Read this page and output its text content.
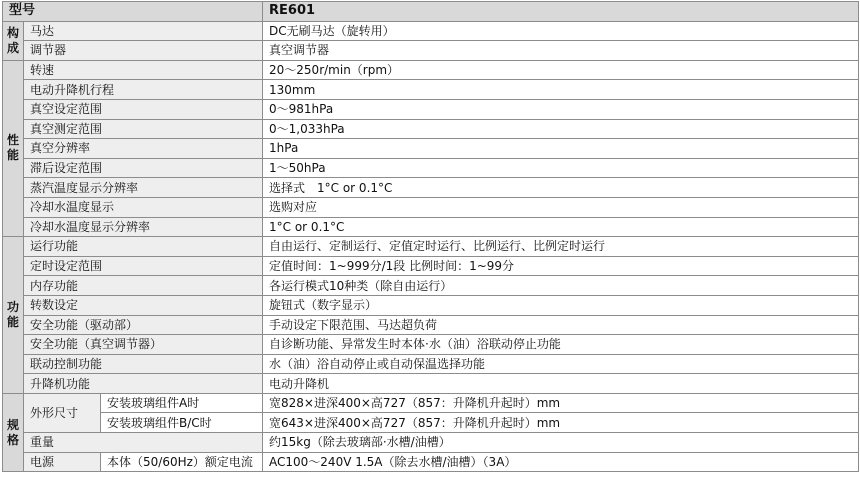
型号			RE601
构成	马达		DC无刷马达（旋转用）
	调节器		真空调节器
性能	转速		20～250r/min（rpm）
	电动升降机行程		130mm
	真空设定范围		0～981hPa
	真空测定范围		0～1,033hPa
	真空分辨率		1hPa
	滞后设定范围		1～50hPa
	蒸汽温度显示分辨率		选择式　1°C or 0.1°C
	冷却水温度显示		选购对应
	冷却水温度显示分辨率		1°C or 0.1°C
功能	运行功能		自由运行、定制运行、定值定时运行、比例运行、比例定时运行
	定时设定范围		定值时间：1~999分/1段 比例时间：1~99分
	内存功能		各运行模式10种类（除自由运行）
	转数设定		旋钮式（数字显示）
	安全功能（驱动部）		手动设定下限范围、马达超负荷
	安全功能（真空调节器）		自诊断功能、异常发生时本体·水（油）浴联动停止功能
	联动控制功能		水（油）浴自动停止或自动保温选择功能
	升降机功能		电动升降机
规格	外形尺寸	安装玻璃组件A时	宽828×进深400×高727（857：升降机升起时）mm
		安装玻璃组件B/C时	宽643×进深400×高727（857：升降机升起时）mm
	重量		约15kg（除去玻璃部·水槽/油槽）
	电源	本体（50/60Hz）额定电流	AC100～240V 1.5A（除去水槽/油槽）（3A）
